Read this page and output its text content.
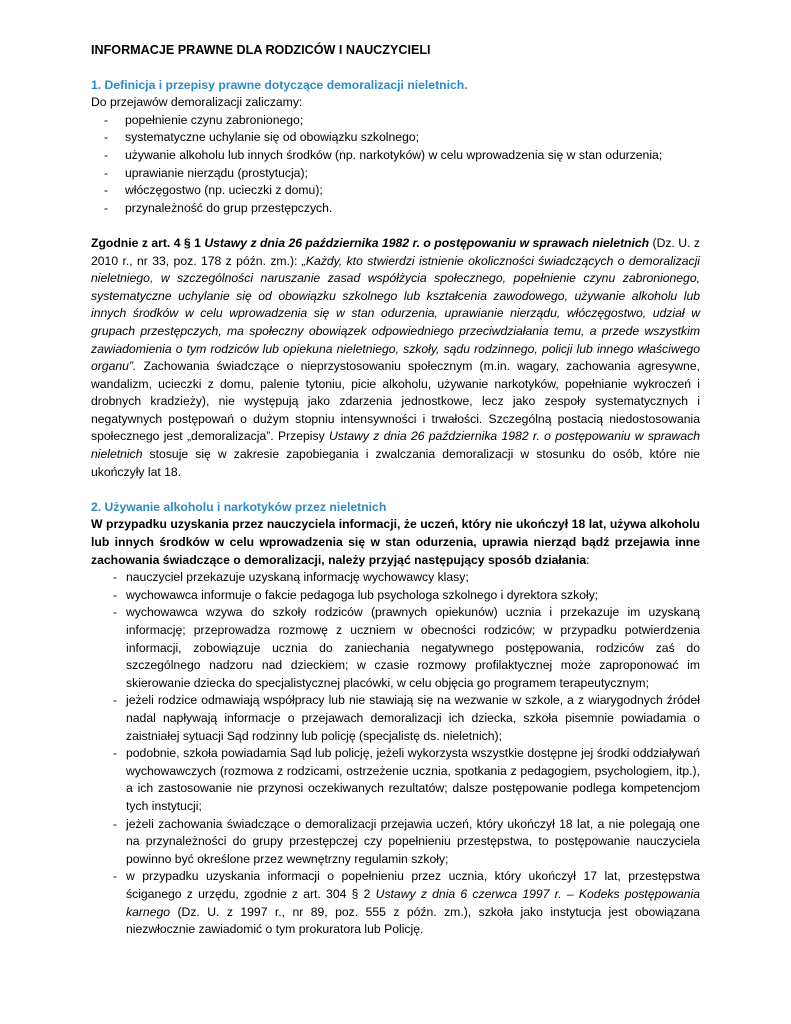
INFORMACJE PRAWNE DLA RODZICÓW I NAUCZYCIELI

1. Definicja i przepisy prawne dotyczące demoralizacji nieletnich.

Do przejawów demoralizacji zaliczamy:

- popełnienie czynu zabronionego;
- systematyczne uchylanie się od obowiązku szkolnego;
- używanie alkoholu lub innych środków (np. narkotyków) w celu wprowadzenia się w stan odurzenia;
- uprawianie nierządu (prostytucja);
- włóczęgostwo (np. ucieczki z domu);
- przynależność do grup przestępczych.

Zgodnie z art. 4 § 1 Ustawy z dnia 26 października 1982 r. o postępowaniu w sprawach nieletnich (Dz. U. z 2010 r., nr 33, poz. 178 z późn. zm.): „Każdy, kto stwierdzi istnienie okoliczności świadczących o demoralizacji nieletniego, w szczególności naruszanie zasad współżycia społecznego, popełnienie czynu zabronionego, systematyczne uchylanie się od obowiązku szkolnego lub kształcenia zawodowego, używanie alkoholu lub innych środków w celu wprowadzenia się w stan odurzenia, uprawianie nierządu, włóczęgostwo, udział w grupach przestępczych, ma społeczny obowiązek odpowiedniego przeciwdziałania temu, a przede wszystkim zawiadomienia o tym rodziców lub opiekuna nieletniego, szkoły, sądu rodzinnego, policji lub innego właściwego organu”. Zachowania świadczące o nieprzystosowaniu społecznym (m.in. wagary, zachowania agresywne, wandalizm, ucieczki z domu, palenie tytoniu, picie alkoholu, używanie narkotyków, popełnianie wykroczeń i drobnych kradzieży), nie występują jako zdarzenia jednostkowe, lecz jako zespoły systematycznych i negatywnych postępowań o dużym stopniu intensywności i trwałości. Szczególną postacią niedostosowania społecznego jest „demoralizacja”. Przepisy Ustawy z dnia 26 października 1982 r. o postępowaniu w sprawach nieletnich stosuje się w zakresie zapobiegania i zwalczania demoralizacji w stosunku do osób, które nie ukończyły lat 18.

2. Używanie alkoholu i narkotyków przez nieletnich

W przypadku uzyskania przez nauczyciela informacji, że uczeń, który nie ukończył 18 lat, używa alkoholu lub innych środków w celu wprowadzenia się w stan odurzenia, uprawia nierząd bądź przejawia inne zachowania świadczące o demoralizacji, należy przyjąć następujący sposób działania:

- nauczyciel przekazuje uzyskaną informację wychowawcy klasy;
- wychowawca informuje o fakcie pedagoga lub psychologa szkolnego i dyrektora szkoły;
- wychowawca wzywa do szkoły rodziców (prawnych opiekunów) ucznia i przekazuje im uzyskaną informację; przeprowadza rozmowę z uczniem w obecności rodziców; w przypadku potwierdzenia informacji, zobowiązuje ucznia do zaniechania negatywnego postępowania, rodziców zaś do szczególnego nadzoru nad dzieckiem; w czasie rozmowy profilaktycznej może zaproponować im skierowanie dziecka do specjalistycznej placówki, w celu objęcia go programem terapeutycznym;
- jeżeli rodzice odmawiają współpracy lub nie stawiają się na wezwanie w szkole, a z wiarygodnych źródeł nadal napływają informacje o przejawach demoralizacji ich dziecka, szkoła pisemnie powiadamia o zaistniałej sytuacji Sąd rodzinny lub policję (specjalistę ds. nieletnich);
- podobnie, szkoła powiadamia Sąd lub policję, jeżeli wykorzysta wszystkie dostępne jej środki oddziaływań wychowawczych (rozmowa z rodzicami, ostrzeżenie ucznia, spotkania z pedagogiem, psychologiem, itp.), a ich zastosowanie nie przynosi oczekiwanych rezultatów; dalsze postępowanie podlega kompetencjom tych instytucji;
- jeżeli zachowania świadczące o demoralizacji przejawia uczeń, który ukończył 18 lat, a nie polegają one na przynależności do grupy przestępczej czy popełnieniu przestępstwa, to postępowanie nauczyciela powinno być określone przez wewnętrzny regulamin szkoły;
- w przypadku uzyskania informacji o popełnieniu przez ucznia, który ukończył 17 lat, przestępstwa ściganego z urzędu, zgodnie z art. 304 § 2 Ustawy z dnia 6 czerwca 1997 r. – Kodeks postępowania karnego (Dz. U. z 1997 r., nr 89, poz. 555 z późn. zm.), szkoła jako instytucja jest obowiązana niezwłocznie zawiadomić o tym prokuratora lub Policję.
